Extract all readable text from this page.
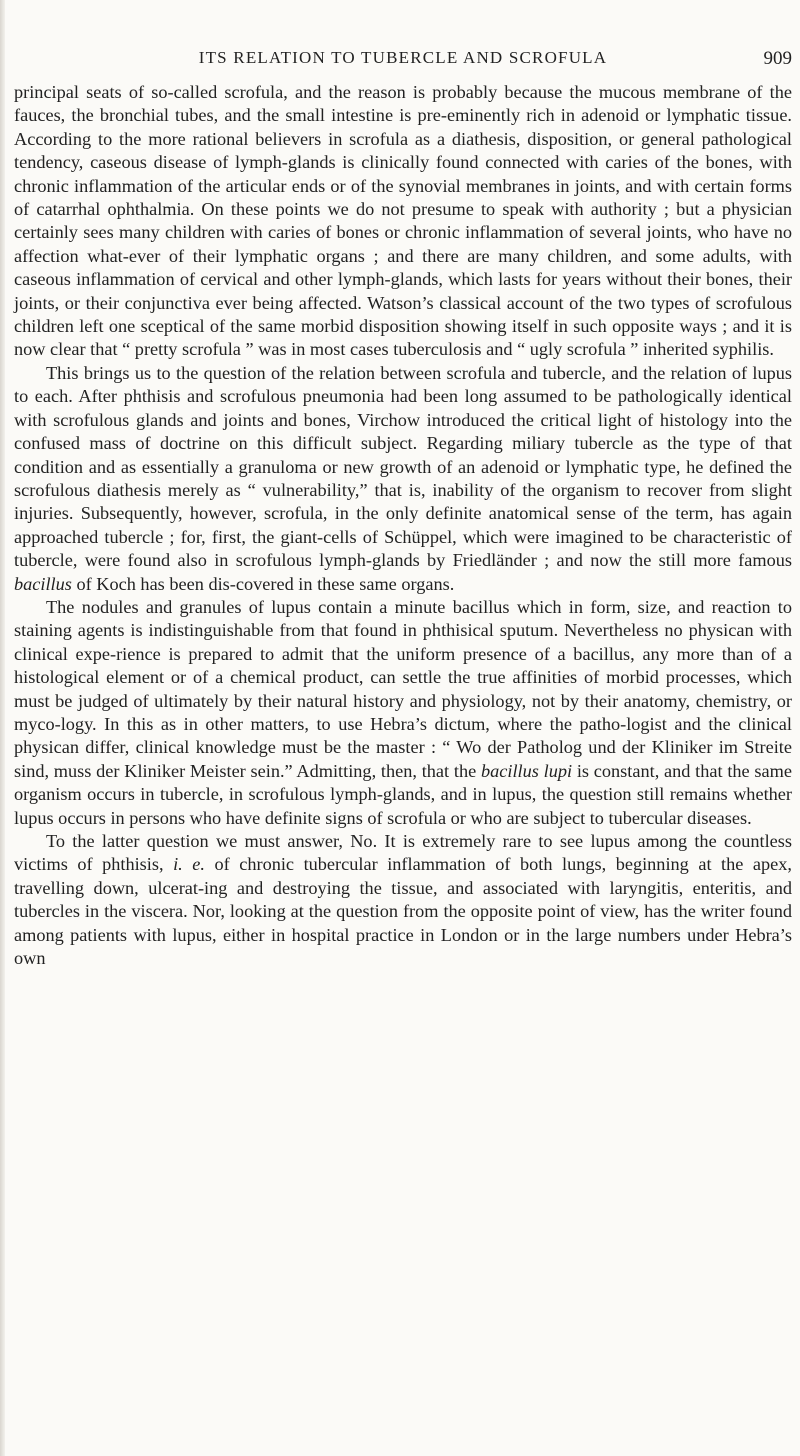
ITS RELATION TO TUBERCLE AND SCROFULA	909

principal seats of so-called scrofula, and the reason is probably because the mucous membrane of the fauces, the bronchial tubes, and the small intestine is pre-eminently rich in adenoid or lymphatic tissue. According to the more rational believers in scrofula as a diathesis, disposition, or general pathological tendency, caseous disease of lymph-glands is clinically found connected with caries of the bones, with chronic inflammation of the articular ends or of the synovial membranes in joints, and with certain forms of catarrhal ophthalmia. On these points we do not presume to speak with authority ; but a physician certainly sees many children with caries of bones or chronic inflammation of several joints, who have no affection what-ever of their lymphatic organs ; and there are many children, and some adults, with caseous inflammation of cervical and other lymph-glands, which lasts for years without their bones, their joints, or their conjunctiva ever being affected. Watson’s classical account of the two types of scrofulous children left one sceptical of the same morbid disposition showing itself in such opposite ways ; and it is now clear that “ pretty scrofula ” was in most cases tuberculosis and “ ugly scrofula ” inherited syphilis.

This brings us to the question of the relation between scrofula and tubercle, and the relation of lupus to each. After phthisis and scrofulous pneumonia had been long assumed to be pathologically identical with scrofulous glands and joints and bones, Virchow introduced the critical light of histology into the confused mass of doctrine on this difficult subject. Regarding miliary tubercle as the type of that condition and as essentially a granuloma or new growth of an adenoid or lymphatic type, he defined the scrofulous diathesis merely as “ vulnerability,” that is, inability of the organism to recover from slight injuries. Subsequently, however, scrofula, in the only definite anatomical sense of the term, has again approached tubercle ; for, first, the giant-cells of Schüppel, which were imagined to be characteristic of tubercle, were found also in scrofulous lymph-glands by Friedländer ; and now the still more famous bacillus of Koch has been dis-covered in these same organs.

The nodules and granules of lupus contain a minute bacillus which in form, size, and reaction to staining agents is indistinguishable from that found in phthisical sputum. Nevertheless no physican with clinical expe-rience is prepared to admit that the uniform presence of a bacillus, any more than of a histological element or of a chemical product, can settle the true affinities of morbid processes, which must be judged of ultimately by their natural history and physiology, not by their anatomy, chemistry, or myco-logy. In this as in other matters, to use Hebra’s dictum, where the patho-logist and the clinical physican differ, clinical knowledge must be the master : “ Wo der Patholog und der Kliniker im Streite sind, muss der Kliniker Meister sein.” Admitting, then, that the bacillus lupi is constant, and that the same organism occurs in tubercle, in scrofulous lymph-glands, and in lupus, the question still remains whether lupus occurs in persons who have definite signs of scrofula or who are subject to tubercular diseases.

To the latter question we must answer, No. It is extremely rare to see lupus among the countless victims of phthisis, i. e. of chronic tubercular inflammation of both lungs, beginning at the apex, travelling down, ulcerat-ing and destroying the tissue, and associated with laryngitis, enteritis, and tubercles in the viscera. Nor, looking at the question from the opposite point of view, has the writer found among patients with lupus, either in hospital practice in London or in the large numbers under Hebra’s own
